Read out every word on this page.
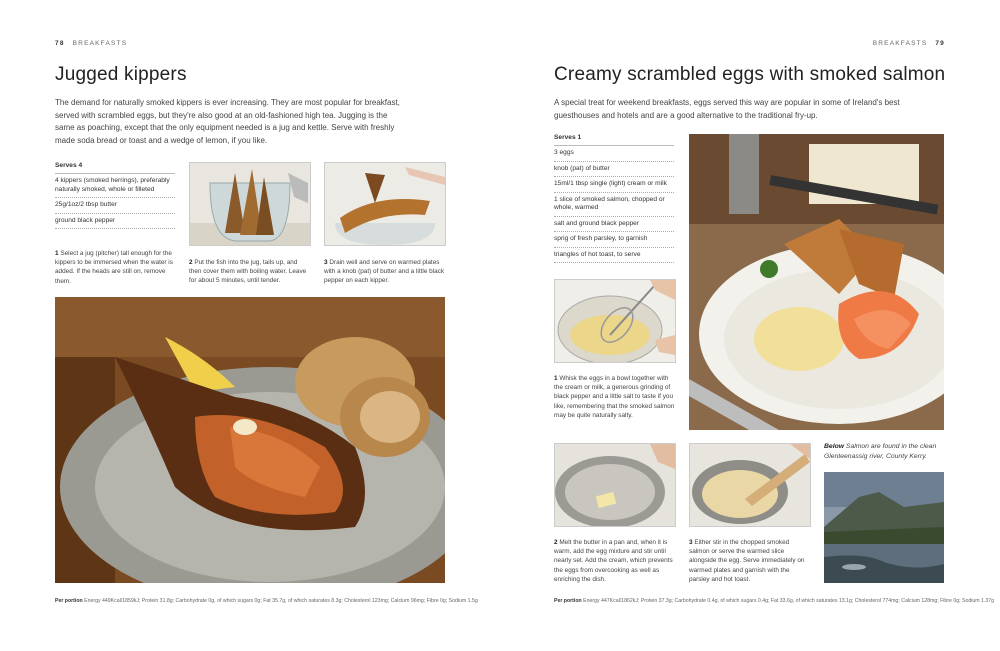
78 BREAKFASTS
Jugged kippers

The demand for naturally smoked kippers is ever increasing. They are most popular for breakfast, served with scrambled eggs, but they're also good at an old-fashioned high tea. Jugging is the same as poaching, except that the only equipment needed is a jug and kettle. Serve with freshly made soda bread or toast and a wedge of lemon, if you like.

Serves 4
4 kippers (smoked herrings), preferably naturally smoked, whole or filleted
25g/1oz/2 tbsp butter
ground black pepper

1 Select a jug (pitcher) tall enough for the kippers to be immersed when the water is added. If the heads are still on, remove them.

2 Put the fish into the jug, tails up, and then cover them with boiling water. Leave for about 5 minutes, until tender.

3 Drain well and serve on warmed plates with a knob (pat) of butter and a little black pepper on each kipper.

Per portion Energy 449Kcal/1859kJ; Protein 31.8g; Carbohydrate 0g, of which sugars 0g; Fat 35.7g, of which saturates 8.3g; Cholesterol 123mg; Calcium 96mg; Fibre 0g; Sodium 1.5g
BREAKFASTS 79
Creamy scrambled eggs with smoked salmon

A special treat for weekend breakfasts, eggs served this way are popular in some of Ireland's best guesthouses and hotels and are a good alternative to the traditional fry-up.

Serves 1
3 eggs
knob (pat) of butter
15ml/1 tbsp single (light) cream or milk
1 slice of smoked salmon, chopped or whole, warmed
salt and ground black pepper
sprig of fresh parsley, to garnish
triangles of hot toast, to serve

1 Whisk the eggs in a bowl together with the cream or milk, a generous grinding of black pepper and a little salt to taste if you like, remembering that the smoked salmon may be quite naturally salty.

Below Salmon are found in the clean Glenteenassig river, County Kerry.

2 Melt the butter in a pan and, when it is warm, add the egg mixture and stir until nearly set. Add the cream, which prevents the eggs from overcooking as well as enriching the dish.

3 Either stir in the chopped smoked salmon or serve the warmed slice alongside the egg. Serve immediately on warmed plates and garnish with the parsley and hot toast.

Per portion Energy 447Kcal/1862kJ; Protein 37.3g; Carbohydrate 0.4g, of which sugars 0.4g; Fat 33.6g, of which saturates 13.1g; Cholesterol 774mg; Calcium 128mg; Fibre 0g; Sodium 1.37g
